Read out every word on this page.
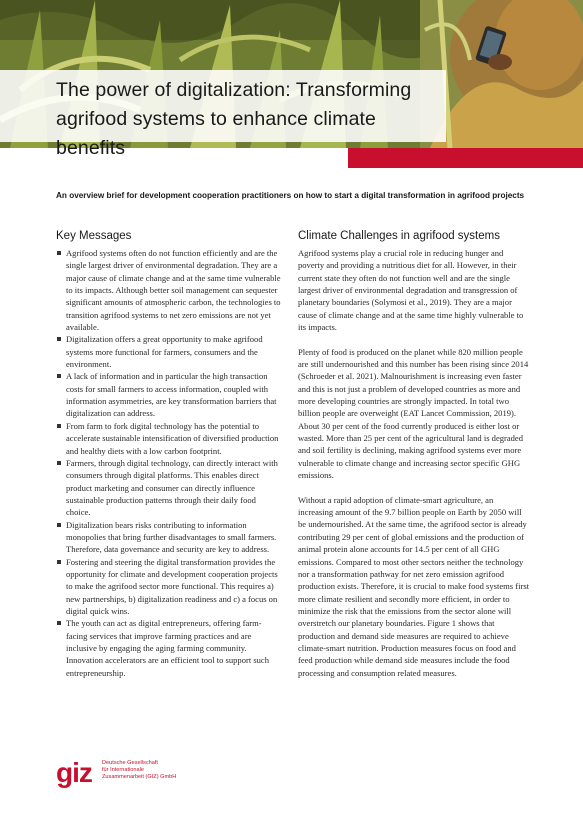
The power of digitalization: Transforming agrifood systems to enhance climate benefits
An overview brief for development cooperation practitioners on how to start a digital transformation in agrifood projects
Key Messages
Agrifood systems often do not function efficiently and are the single largest driver of environmental degradation. They are a major cause of climate change and at the same time vulnerable to its impacts. Although better soil management can sequester significant amounts of atmospheric carbon, the technologies to transition agrifood systems to net zero emissions are not yet available.
Digitalization offers a great opportunity to make agrifood systems more functional for farmers, consumers and the environment.
A lack of information and in particular the high transaction costs for small farmers to access information, coupled with information asymmetries, are key transformation barriers that digitalization can address.
From farm to fork digital technology has the potential to accelerate sustainable intensification of diversified production and healthy diets with a low carbon footprint.
Farmers, through digital technology, can directly interact with consumers through digital platforms. This enables direct product marketing and consumer can directly influence sustainable production patterns through their daily food choice.
Digitalization bears risks contributing to information monopolies that bring further disadvantages to small farmers. Therefore, data governance and security are key to address.
Fostering and steering the digital transformation provides the opportunity for climate and development cooperation projects to make the agrifood sector more functional. This requires a) new partnerships, b) digitalization readiness and c) a focus on digital quick wins.
The youth can act as digital entrepreneurs, offering farm-facing services that improve farming practices and are inclusive by engaging the aging farming community. Innovation accelerators are an efficient tool to support such entrepreneurship.
Climate Challenges in agrifood systems

Agrifood systems play a crucial role in reducing hunger and poverty and providing a nutritious diet for all. However, in their current state they often do not function well and are the single largest driver of environmental degradation and transgression of planetary boundaries (Solymosi et al., 2019). They are a major cause of climate change and at the same time highly vulnerable to its impacts.

Plenty of food is produced on the planet while 820 million people are still undernourished and this number has been rising since 2014 (Schroeder et al. 2021). Malnourishment is increasing even faster and this is not just a problem of developed countries as more and more developing countries are strongly impacted. In total two billion people are overweight (EAT Lancet Commission, 2019). About 30 per cent of the food currently produced is either lost or wasted. More than 25 per cent of the agricultural land is degraded and soil fertility is declining, making agrifood systems ever more vulnerable to climate change and increasing sector specific GHG emissions.

Without a rapid adoption of climate-smart agriculture, an increasing amount of the 9.7 billion people on Earth by 2050 will be undernourished. At the same time, the agrifood sector is already contributing 29 per cent of global emissions and the production of animal protein alone accounts for 14.5 per cent of all GHG emissions. Compared to most other sectors neither the technology nor a transformation pathway for net zero emission agrifood production exists. Therefore, it is crucial to make food systems first more climate resilient and secondly more efficient, in order to minimize the risk that the emissions from the sector alone will overstretch our planetary boundaries. Figure 1 shows that production and demand side measures are required to achieve climate-smart nutrition. Production measures focus on food and feed production while demand side measures include the food processing and consumption related measures.

giz Deutsche Gesellschaft
für Internationale
Zusammenarbeit (GIZ) GmbH
